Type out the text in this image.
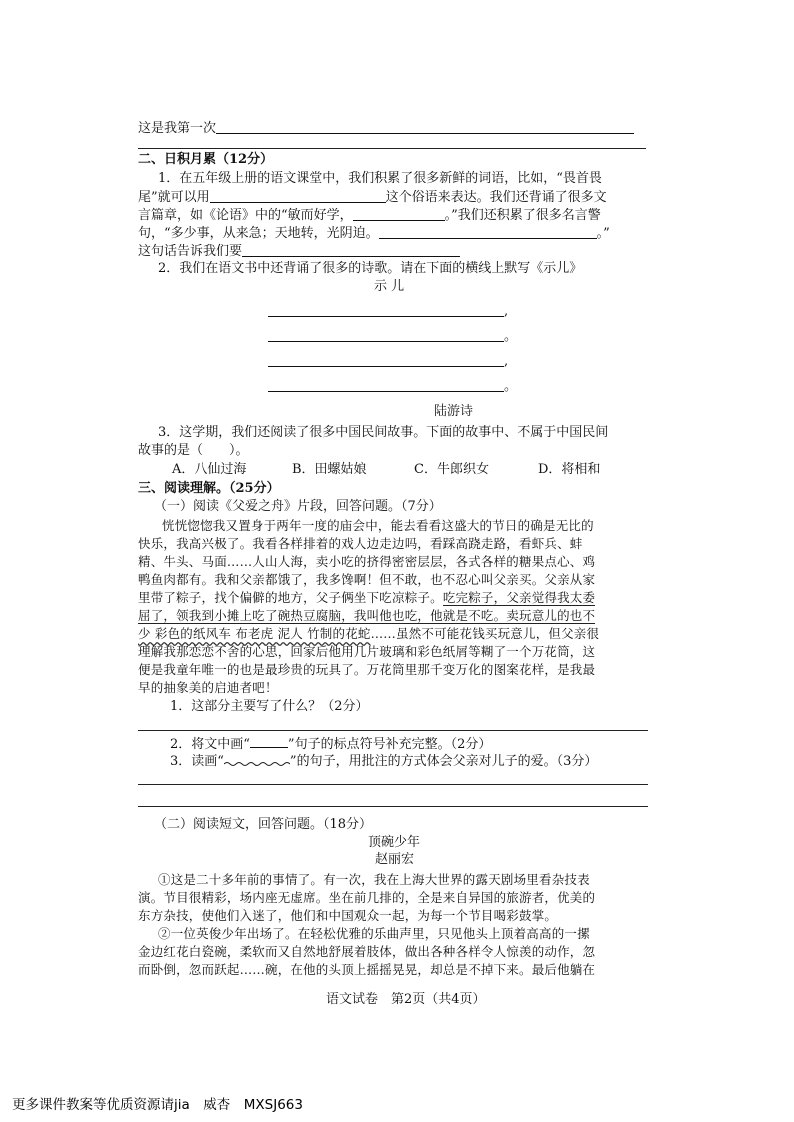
这是我第一次
二、日积月累（12分）
1．在五年级上册的语文课堂中，我们积累了很多新鲜的词语，比如，“畏首畏
尾”就可以用	这个俗语来表达。我们还背诵了很多文
言篇章，如《论语》中的“敏而好学，	。”我们还积累了很多名言警
句，“多少事，从来急；天地转，光阴迫。	。”
这句话告诉我们要
2．我们在语文书中还背诵了很多的诗歌。请在下面的横线上默写《示儿》
示 儿
,
。
,
。
陆游诗
3．这学期，我们还阅读了很多中国民间故事。下面的故事中、不属于中国民间
故事的是（　　）。
A．八仙过海	B．田螺姑娘	C．牛郎织女	D．将相和
三、阅读理解。（25分）
（一）阅读《父爱之舟》片段，回答问题。（7分）
恍恍惚惚我又置身于两年一度的庙会中，能去看看这盛大的节日的确是无比的
快乐，我高兴极了。我看各样排着的戏人边走边吗，看踩高跷走路，看虾兵、蚌
精、牛头、马面……人山人海，卖小吃的挤得密密层层，各式各样的糖果点心、鸡
鸭鱼肉都有。我和父亲都饿了，我多馋啊！但不敢，也不忍心叫父亲买。父亲从家
里带了粽子，找个偏僻的地方，父子俩坐下吃凉粽子。吃完粽子，父亲觉得我太委
屈了，领我到小摊上吃了碗热豆腐脑，我叫他也吃，他就是不吃。卖玩意儿的也不
少 彩色的纸风车 布老虎 泥人 竹制的花蛇……虽然不可能花钱买玩意儿，但父亲很
理解我那恋恋不舍的心思，回家后他用几片玻璃和彩色纸屑等糊了一个万花筒，这
便是我童年唯一的也是最珍贵的玩具了。万花筒里那千变万化的图案花样，是我最
早的抽象美的启迪者吧！
1．这部分主要写了什么？（2分）
2．将文中画“	”句子的标点符号补充完整。（2分）
3．读画“	”的句子，用批注的方式体会父亲对儿子的爱。（3分）
（二）阅读短文，回答问题。（18分）
顶碗少年
赵丽宏
①这是二十多年前的事情了。有一次，我在上海大世界的露天剧场里看杂技表
演。节目很精彩，场内座无虚席。坐在前几排的，全是来自异国的旅游者，优美的
东方杂技，使他们入迷了，他们和中国观众一起，为每一个节目喝彩鼓掌。
②一位英俊少年出场了。在轻松优雅的乐曲声里，只见他头上顶着高高的一摞
金边红花白瓷碗，柔软而又自然地舒展着肢体，做出各种各样令人惊羡的动作，忽
而卧倒，忽而跃起……碗，在他的头顶上摇摇晃晃，却总是不掉下来。最后他躺在
语文试卷　第2页（共4页）
更多课件教案等优质资源请jia　威杏　MXSJ663
